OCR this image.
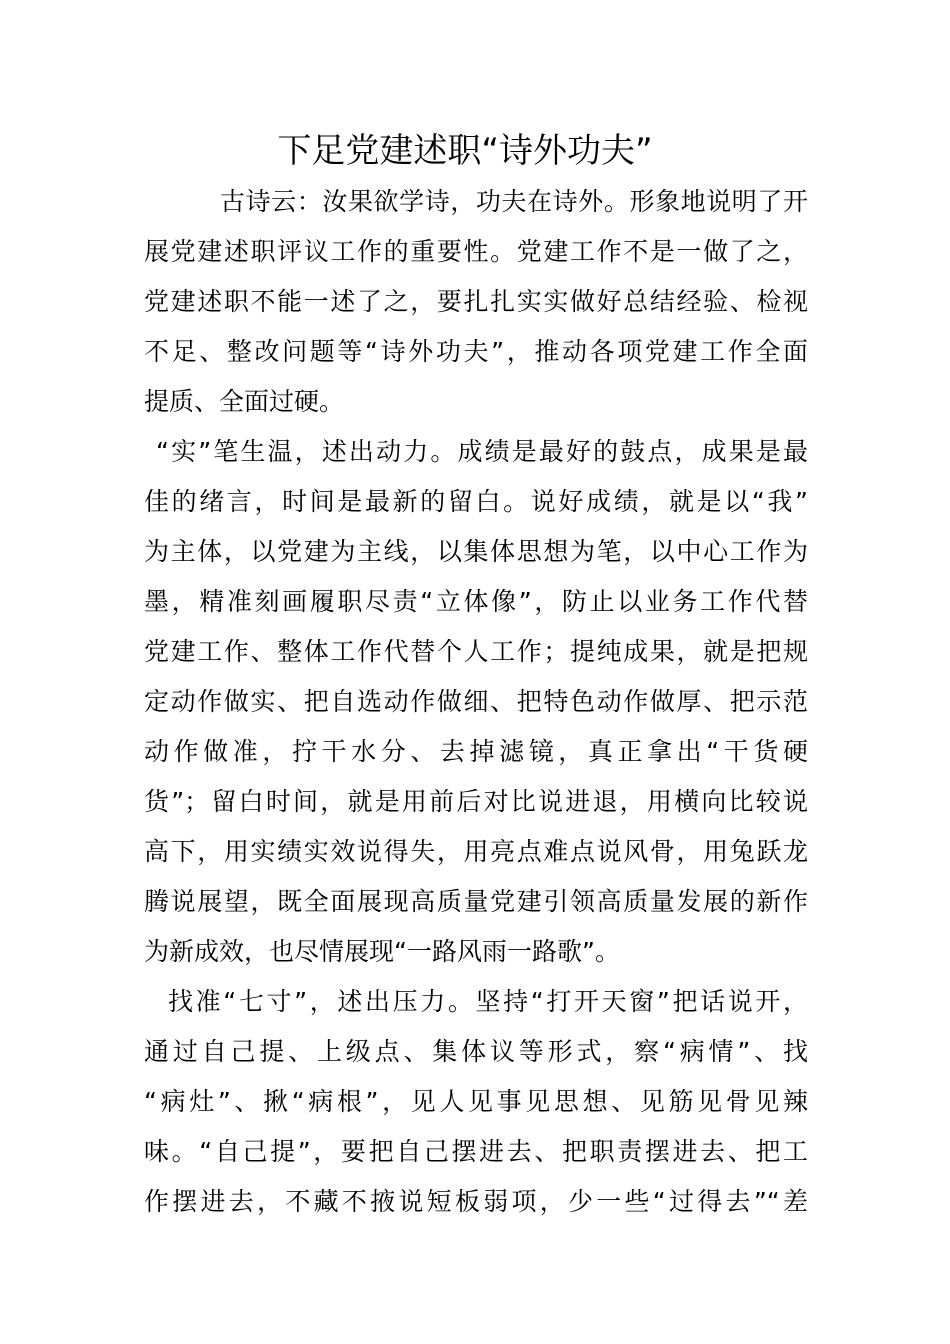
下足党建述职“诗外功夫”
古诗云：汝果欲学诗，功夫在诗外。形象地说明了开
展党建述职评议工作的重要性。党建工作不是一做了之，
党建述职不能一述了之，要扎扎实实做好总结经验、检视
不足、整改问题等“诗外功夫”，推动各项党建工作全面
提质、全面过硬。
“实”笔生温，述出动力。成绩是最好的鼓点，成果是最
佳的绪言，时间是最新的留白。说好成绩，就是以“我”
为主体，以党建为主线，以集体思想为笔，以中心工作为
墨，精准刻画履职尽责“立体像”，防止以业务工作代替
党建工作、整体工作代替个人工作；提纯成果，就是把规
定动作做实、把自选动作做细、把特色动作做厚、把示范
动作做准，拧干水分、去掉滤镜，真正拿出“干货硬
货”；留白时间，就是用前后对比说进退，用横向比较说
高下，用实绩实效说得失，用亮点难点说风骨，用兔跃龙
腾说展望，既全面展现高质量党建引领高质量发展的新作
为新成效，也尽情展现“一路风雨一路歌”。
找准“七寸”，述出压力。坚持“打开天窗”把话说开，
通过自己提、上级点、集体议等形式，察“病情”、找
“病灶”、揪“病根”，见人见事见思想、见筋见骨见辣
味。“自己提”，要把自己摆进去、把职责摆进去、把工
作摆进去，不藏不掖说短板弱项，少一些“过得去”“差
